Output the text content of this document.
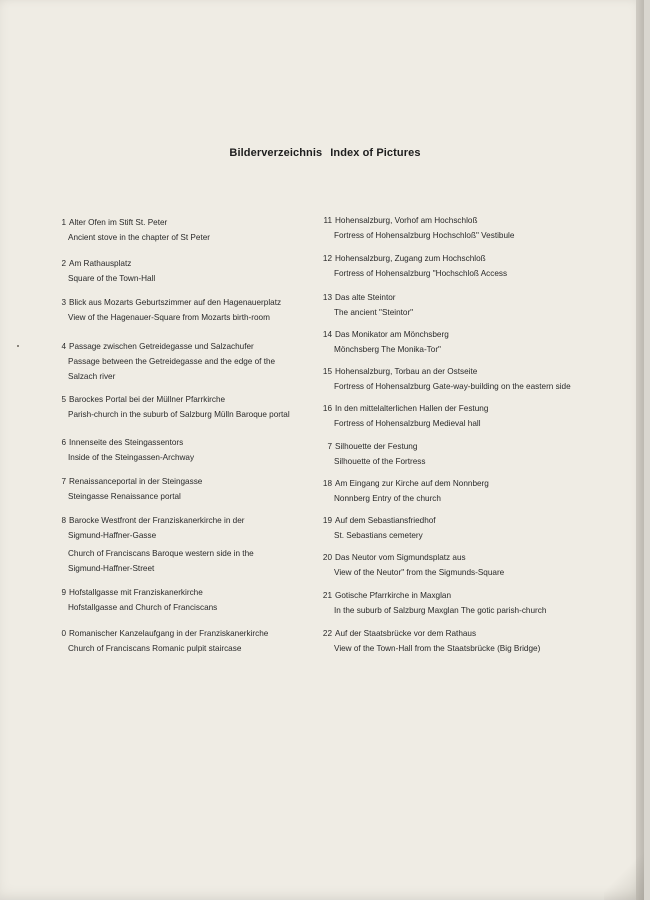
Bilderverzeichnis Index of Pictures
1 Alter Ofen im Stift St. Peter
Ancient stove in the chapter of St Peter
2 Am Rathausplatz
Square of the Town-Hall
3 Blick aus Mozarts Geburtszimmer auf den Hagenauerplatz
View of the Hagenauer-Square from Mozarts birth-room
4 Passage zwischen Getreidegasse und Salzachufer
Passage between the Getreidegasse and the edge of the
Salzach river
5 Barockes Portal bei der Müllner Pfarrkirche
Parish-church in the suburb of Salzburg Mülln Baroque portal
6 Innenseite des Steingassentors
Inside of the Steingassen-Archway
7 Renaissanceportal in der Steingasse
Steingasse Renaissance portal
8 Barocke Westfront der Franziskanerkirche in der
Sigmund-Haffner-Gasse
Church of Franciscans Baroque western side in the
Sigmund-Haffner-Street
9 Hofstallgasse mit Franziskanerkirche
Hofstallgasse and Church of Franciscans
0 Romanischer Kanzelaufgang in der Franziskanerkirche
Church of Franciscans Romanic pulpit staircase
11 Hohensalzburg, Vorhof am Hochschloß
Fortress of Hohensalzburg Hochschloß" Vestibule
12 Hohensalzburg, Zugang zum Hochschloß
Fortress of Hohensalzburg "Hochschloß Access
13 Das alte Steintor
The ancient "Steintor"
14 Das Monikator am Mönchsberg
Mönchsberg The Monika-Tor"
15 Hohensalzburg, Torbau an der Ostseite
Fortress of Hohensalzburg Gate-way-building on the eastern side
16 In den mittelalterlichen Hallen der Festung
Fortress of Hohensalzburg Medieval hall
7 Silhouette der Festung
Silhouette of the Fortress
18 Am Eingang zur Kirche auf dem Nonnberg
Nonnberg Entry of the church
19 Auf dem Sebastiansfriedhof
St. Sebastians cemetery
20 Das Neutor vom Sigmundsplatz aus
View of the Neutor" from the Sigmunds-Square
21 Gotische Pfarrkirche in Maxglan
In the suburb of Salzburg Maxglan The gotic parish-church
22 Auf der Staatsbrücke vor dem Rathaus
View of the Town-Hall from the Staatsbrücke (Big Bridge)
